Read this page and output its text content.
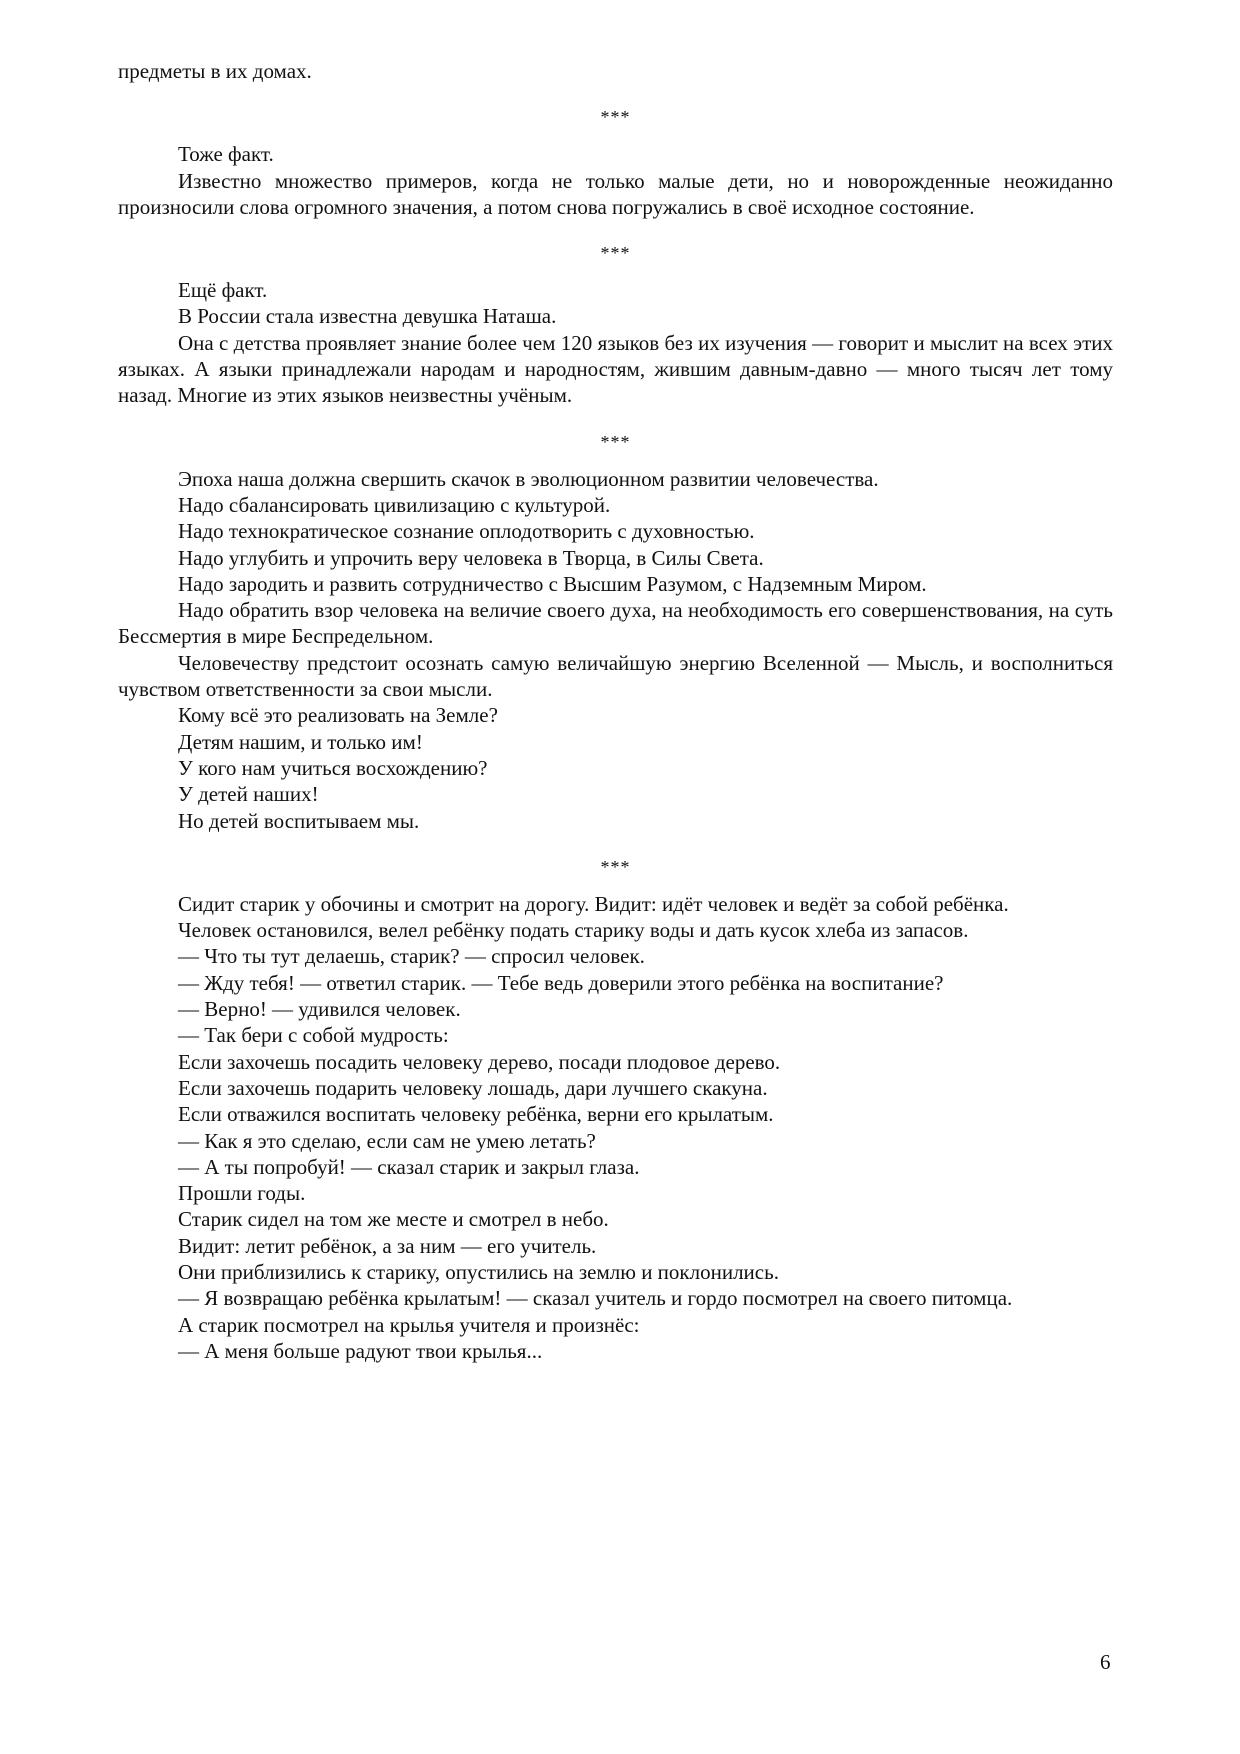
предметы в их домах.

***

Тоже факт.

Известно множество примеров, когда не только малые дети, но и новорожденные неожиданно произносили слова огромного значения, а потом снова погружались в своё исходное состояние.

***

Ещё факт.

В России стала известна девушка Наташа.

Она с детства проявляет знание более чем 120 языков без их изучения — говорит и мыслит на всех этих языках. А языки принадлежали народам и народностям, жившим давным-давно — много тысяч лет тому назад. Многие из этих языков неизвестны учёным.

***

Эпоха наша должна свершить скачок в эволюционном развитии человечества.

Надо сбалансировать цивилизацию с культурой.

Надо технократическое сознание оплодотворить с духовностью.

Надо углубить и упрочить веру человека в Творца, в Силы Света.

Надо зародить и развить сотрудничество с Высшим Разумом, с Надземным Миром.

Надо обратить взор человека на величие своего духа, на необходимость его совершенствования, на суть Бессмертия в мире Беспредельном.

Человечеству предстоит осознать самую величайшую энергию Вселенной — Мысль, и восполниться чувством ответственности за свои мысли.

Кому всё это реализовать на Земле?

Детям нашим, и только им!

У кого нам учиться восхождению?

У детей наших!

Но детей воспитываем мы.

***

Сидит старик у обочины и смотрит на дорогу. Видит: идёт человек и ведёт за собой ребёнка.

Человек остановился, велел ребёнку подать старику воды и дать кусок хлеба из запасов.

— Что ты тут делаешь, старик? — спросил человек.

— Жду тебя! — ответил старик. — Тебе ведь доверили этого ребёнка на воспитание?

— Верно! — удивился человек.

— Так бери с собой мудрость:

Если захочешь посадить человеку дерево, посади плодовое дерево.

Если захочешь подарить человеку лошадь, дари лучшего скакуна.

Если отважился воспитать человеку ребёнка, верни его крылатым.

— Как я это сделаю, если сам не умею летать?

— А ты попробуй! — сказал старик и закрыл глаза.

Прошли годы.

Старик сидел на том же месте и смотрел в небо.

Видит: летит ребёнок, а за ним — его учитель.

Они приблизились к старику, опустились на землю и поклонились.

— Я возвращаю ребёнка крылатым! — сказал учитель и гордо посмотрел на своего питомца.

А старик посмотрел на крылья учителя и произнёс:

— А меня больше радуют твои крылья...

6
